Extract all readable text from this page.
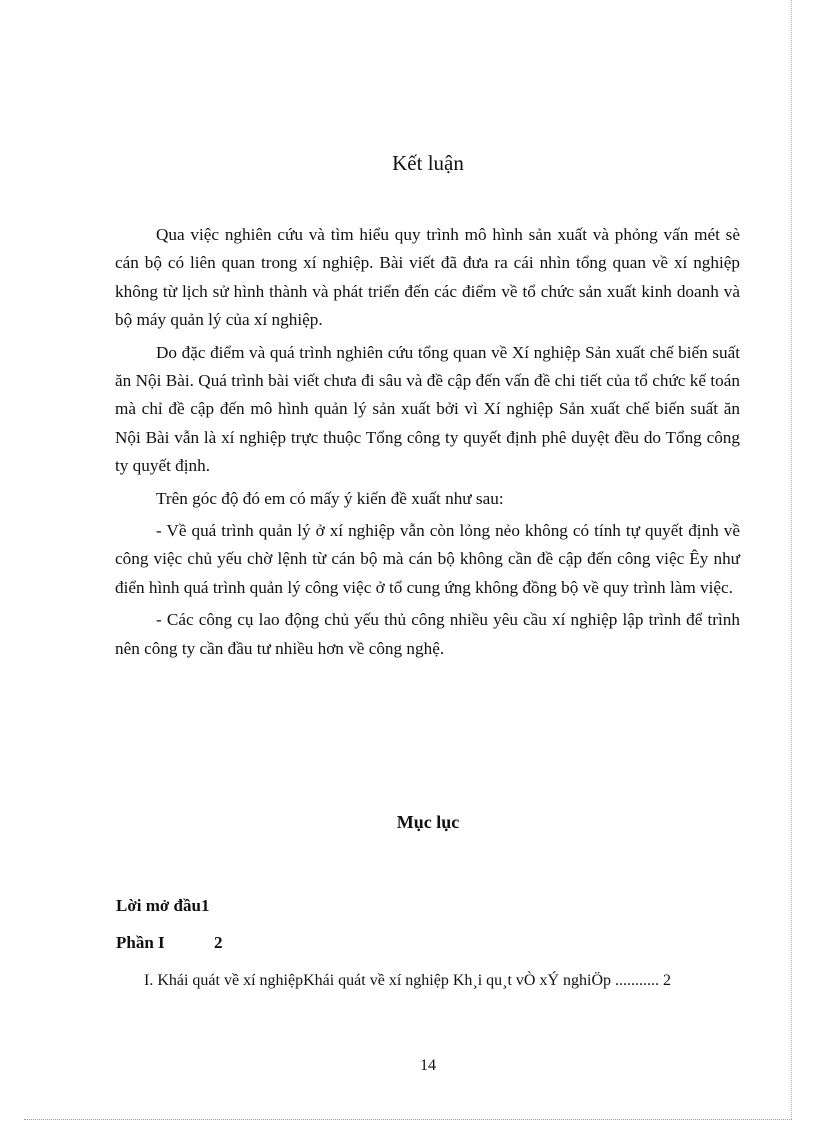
Kết luận

Qua việc nghiên cứu và tìm hiểu quy trình mô hình sản xuất và phỏng vấn mét sè cán bộ có liên quan trong xí nghiệp. Bài viết đã đưa ra cái nhìn tổng quan về xí nghiệp không từ lịch sử hình thành và phát triển đến các điểm về tổ chức sản xuất kinh doanh và bộ máy quản lý của xí nghiệp.

Do đặc điểm và quá trình nghiên cứu tổng quan về Xí nghiệp Sản xuất chế biến suất ăn Nội Bài. Quá trình bài viết chưa đi sâu và đề cập đến vấn đề chi tiết của tổ chức kế toán mà chỉ đề cập đến mô hình quản lý sản xuất bởi vì Xí nghiệp Sản xuất chế biến suất ăn Nội Bài vẫn là xí nghiệp trực thuộc Tổng công ty quyết định phê duyệt đều do Tổng công ty quyết định.

Trên góc độ đó em có mấy ý kiến đề xuất như sau:

- Về quá trình quản lý ở xí nghiệp vẫn còn lỏng nẻo không có tính tự quyết định về công việc chủ yếu chờ lệnh từ cán bộ mà cán bộ không cần đề cập đến công việc Êy như điển hình quá trình quản lý công việc ở tổ cung ứng không đồng bộ về quy trình làm việc.

- Các công cụ lao động chủ yếu thủ công nhiều yêu cầu xí nghiệp lập trình để trình nên công ty cần đầu tư nhiều hơn về công nghệ.

Mục lục
Lời mở đầu1
Phần I	2
I. Khái quát về xí nghiệpKhái quát về xí nghiệp Kh¸i qu¸t vÒ xÝ nghiÖp ........... 2
14
